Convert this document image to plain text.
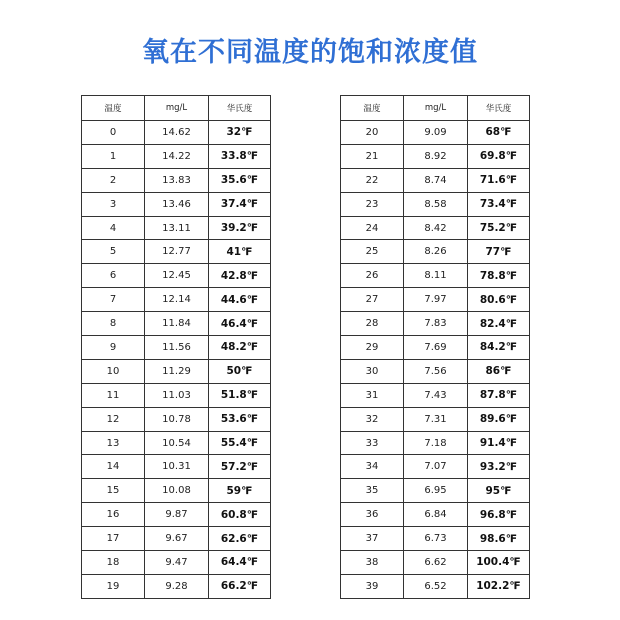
氧在不同温度的饱和浓度值
温度	mg/L	华氏度
0	14.62	32℉
1	14.22	33.8℉
2	13.83	35.6℉
3	13.46	37.4℉
4	13.11	39.2℉
5	12.77	41℉
6	12.45	42.8℉
7	12.14	44.6℉
8	11.84	46.4℉
9	11.56	48.2℉
10	11.29	50℉
11	11.03	51.8℉
12	10.78	53.6℉
13	10.54	55.4℉
14	10.31	57.2℉
15	10.08	59℉
16	9.87	60.8℉
17	9.67	62.6℉
18	9.47	64.4℉
19	9.28	66.2℉
温度	mg/L	华氏度
20	9.09	68℉
21	8.92	69.8℉
22	8.74	71.6℉
23	8.58	73.4℉
24	8.42	75.2℉
25	8.26	77℉
26	8.11	78.8℉
27	7.97	80.6℉
28	7.83	82.4℉
29	7.69	84.2℉
30	7.56	86℉
31	7.43	87.8℉
32	7.31	89.6℉
33	7.18	91.4℉
34	7.07	93.2℉
35	6.95	95℉
36	6.84	96.8℉
37	6.73	98.6℉
38	6.62	100.4℉
39	6.52	102.2℉
